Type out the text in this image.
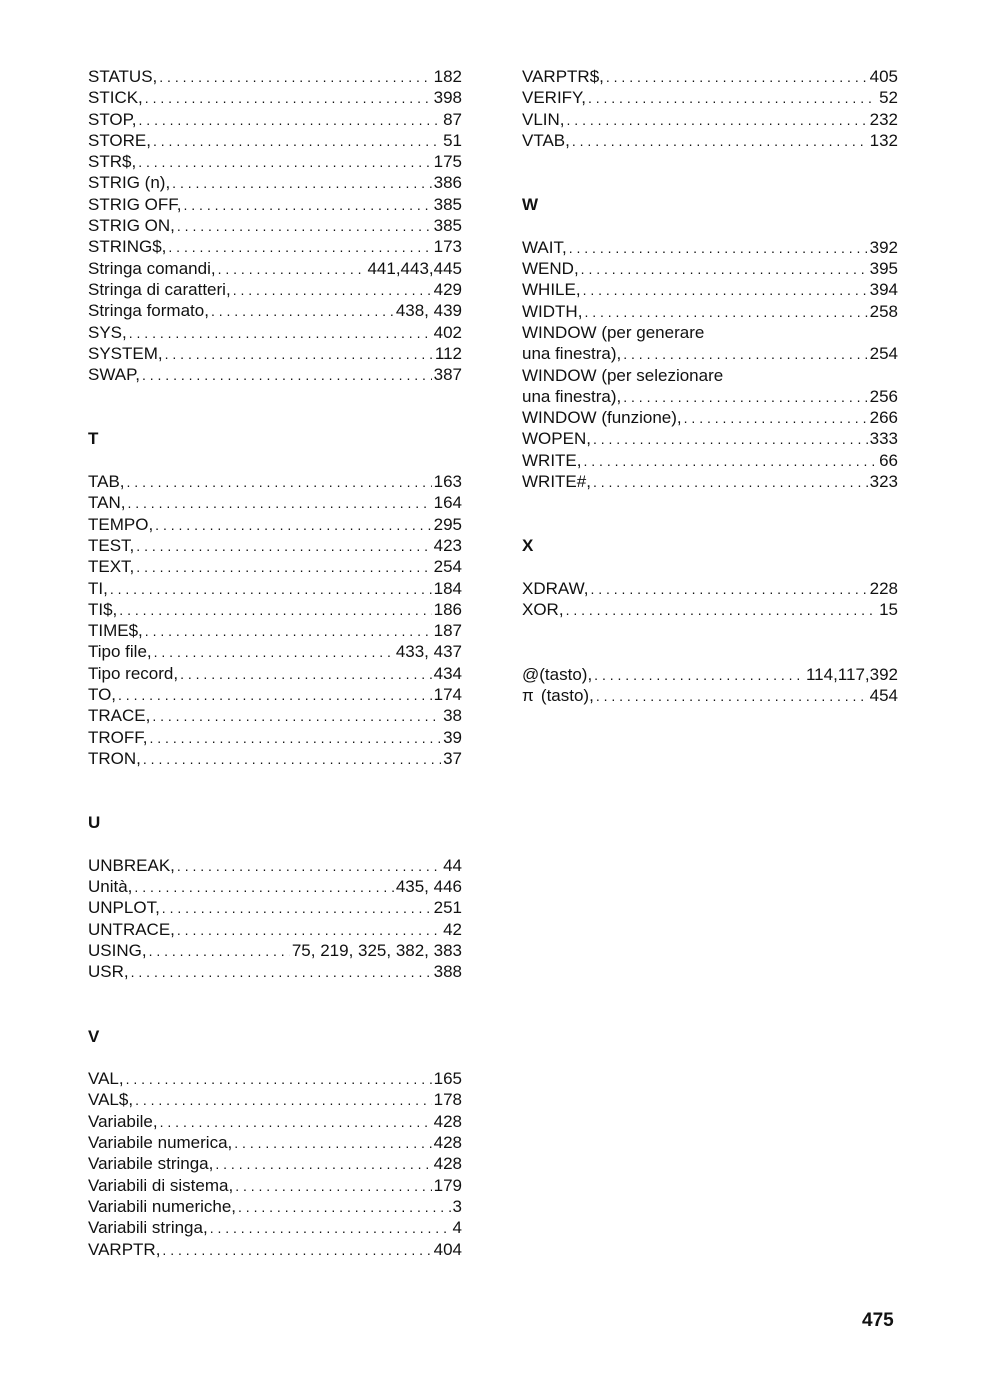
STATUS, . . .	182
STICK, . . .	398
STOP, . . .	87
STORE, . . .	51
STR$, . . .	175
STRIG (n), . . .	386
STRIG OFF, . . .	385
STRIG ON, . . .	385
STRING$, . . .	173
Stringa comandi, . . .	441,443,445
Stringa di caratteri, . . .	429
Stringa formato, . . .	438, 439
SYS, . . .	402
SYSTEM, . . .	112
SWAP, . . .	387
T
TAB, . . .	163
TAN, . . .	164
TEMPO, . . .	295
TEST, . . .	423
TEXT, . . .	254
TI, . . .	184
TI$, . . .	186
TIME$, . . .	187
Tipo file, . . .	433, 437
Tipo record, . . .	434
TO, . . .	174
TRACE, . . .	38
TROFF, . . .	39
TRON, . . .	37
U
UNBREAK, . . .	44
Unità, . . .	435, 446
UNPLOT, . . .	251
UNTRACE, . . .	42
USING, . . .	75, 219, 325, 382, 383
USR, . . .	388
V
VAL, . . .	165
VAL$, . . .	178
Variabile, . . .	428
Variabile numerica, . . .	428
Variabile stringa, . . .	428
Variabili di sistema, . . .	179
Variabili numeriche, . . .	3
Variabili stringa, . . .	4
VARPTR, . . .	404
VARPTR$, . . .	405
VERIFY, . . .	52
VLIN, . . .	232
VTAB, . . .	132
W
WAIT, . . .	392
WEND, . . .	395
WHILE, . . .	394
WIDTH, . . .	258
WINDOW (per generare
una finestra), . . .	254
WINDOW (per selezionare
una finestra), . . .	256
WINDOW (funzione), . . .	266
WOPEN, . . .	333
WRITE, . . .	66
WRITE#, . . .	323
X
XDRAW, . . .	228
XOR, . . .	15
@ (tasto), . . .	114,117,392
π (tasto), . . .	454
475
